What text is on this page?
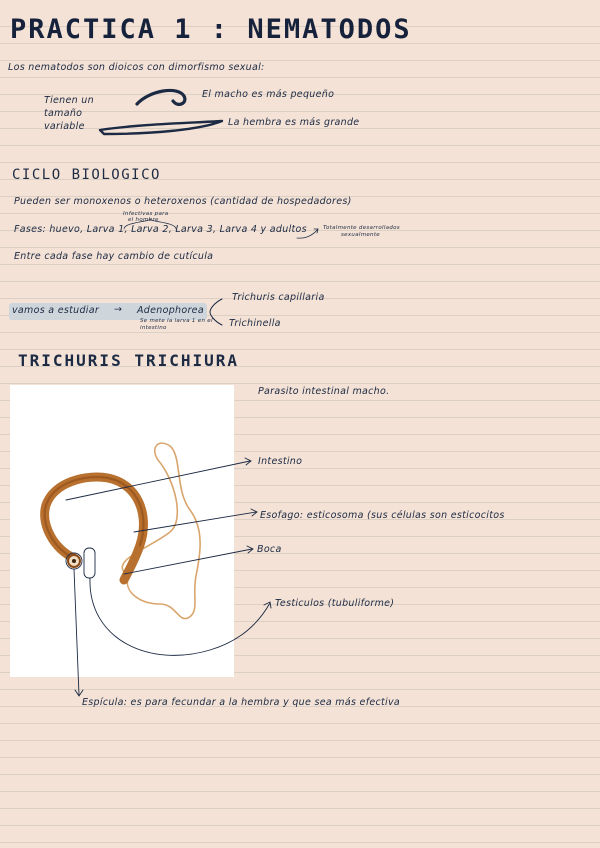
PRACTICA 1 : NEMATODOS
Los nematodos son dioicos con dimorfismo sexual:
Tienen un
tamaño
variable
El macho es más pequeño
La hembra es más grande
CICLO BIOLOGICO
Pueden ser monoxenos o heteroxenos (cantidad de hospedadores)
Infectivas para
el hombre
Fases: huevo, Larva 1, Larva 2, Larva 3, Larva 4 y adultos	Totalmente desarrollados
sexualmente
Entre cada fase hay cambio de cutícula
vamos a estudiar → Adenophorea
Se mete la larva 1 en el
intestino
Trichuris capillaria
Trichinella
TRICHURIS TRICHIURA
Parasito intestinal macho.
Intestino
Esofago: esticosoma (sus células son esticocitos
Boca
Testiculos (tubuliforme)
Espícula: es para fecundar a la hembra y que sea más efectiva
